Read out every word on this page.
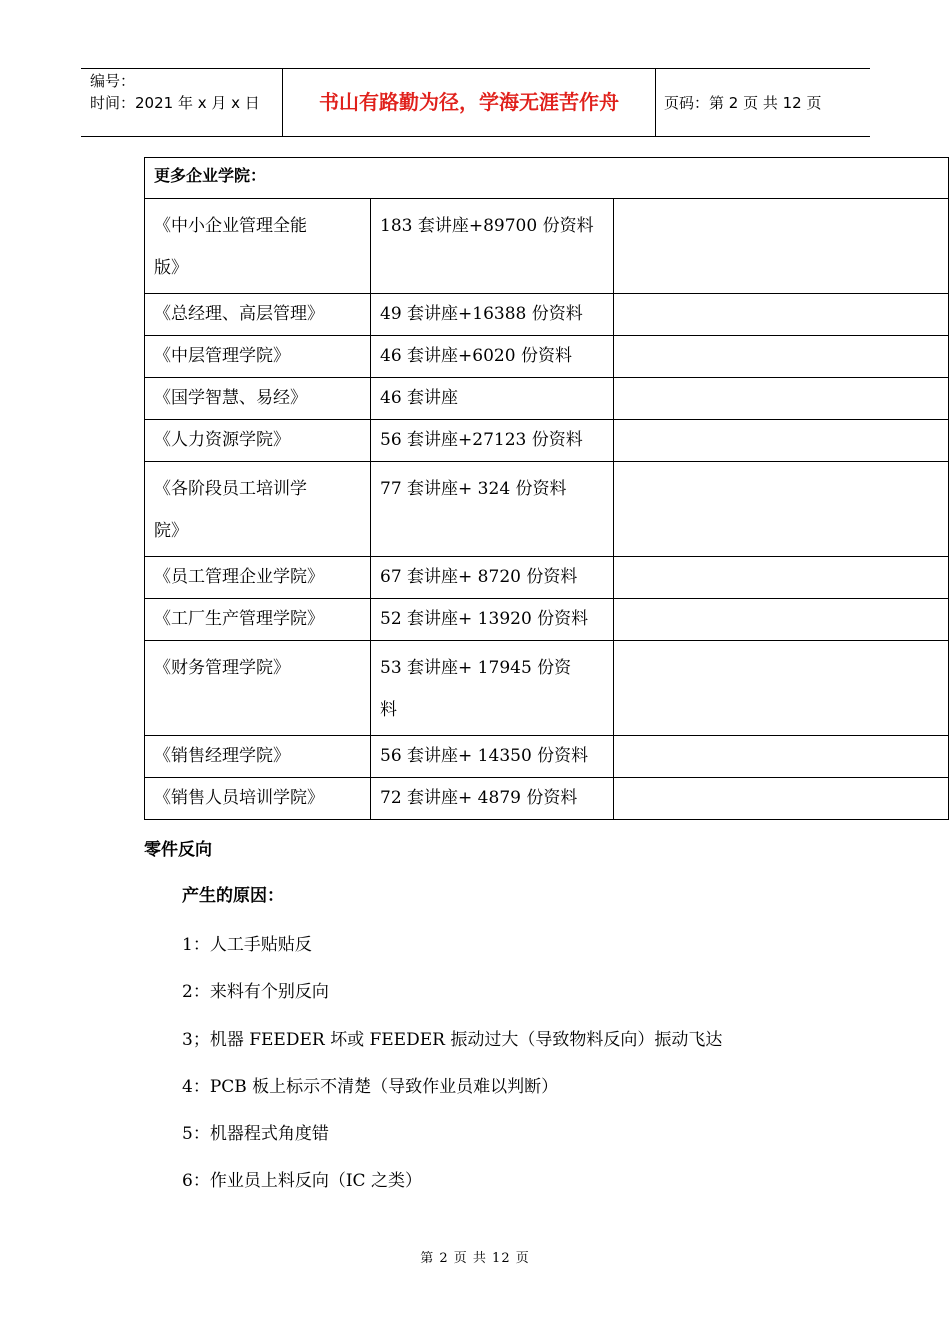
编号：
时间：2021 年 x 月 x 日	书山有路勤为径，学海无涯苦作舟	页码：第 2 页 共 12 页
更多企业学院：		
《中小企业管理全能
版》	183 套讲座+89700 份资料	
《总经理、高层管理》	49 套讲座+16388 份资料	
《中层管理学院》	46 套讲座+6020 份资料	
《国学智慧、易经》	46 套讲座	
《人力资源学院》	56 套讲座+27123 份资料	
《各阶段员工培训学
院》	77 套讲座+ 324 份资料	
《员工管理企业学院》	67 套讲座+ 8720 份资料	
《工厂生产管理学院》	52 套讲座+ 13920 份资料	
《财务管理学院》	53 套讲座+ 17945 份资
料	
《销售经理学院》	56 套讲座+ 14350 份资料	
《销售人员培训学院》	72 套讲座+ 4879 份资料	
零件反向
产生的原因：
1：人工手贴贴反
2：来料有个别反向
3；机器 FEEDER 坏或 FEEDER 振动过大（导致物料反向）振动飞达
4：PCB 板上标示不清楚（导致作业员难以判断）
5：机器程式角度错
6：作业员上料反向（IC 之类）
第 2 页 共 12 页
